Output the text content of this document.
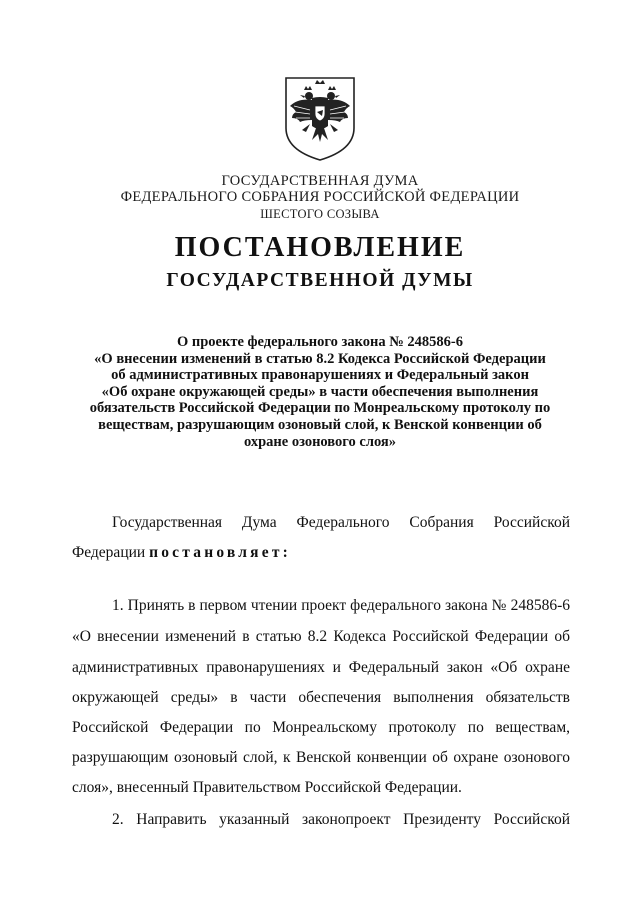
ГОСУДАРСТВЕННАЯ ДУМА
ФЕДЕРАЛЬНОГО СОБРАНИЯ РОССИЙСКОЙ ФЕДЕРАЦИИ
ШЕСТОГО СОЗЫВА
ПОСТАНОВЛЕНИЕ
ГОСУДАРСТВЕННОЙ ДУМЫ
О проекте федерального закона № 248586-6
«О внесении изменений в статью 8.2 Кодекса Российской Федерации
об административных правонарушениях и Федеральный закон
«Об охране окружающей среды» в части обеспечения выполнения
обязательств Российской Федерации по Монреальскому протоколу по
веществам, разрушающим озоновый слой, к Венской конвенции об
охране озонового слоя»
Государственная Дума Федерального Собрания Российской
Федерации постановляет:
1. Принять в первом чтении проект федерального закона № 248586-6
«О внесении изменений в статью 8.2 Кодекса Российской Федерации об
административных правонарушениях и Федеральный закон «Об охране
окружающей среды» в части обеспечения выполнения обязательств
Российской Федерации по Монреальскому протоколу по веществам,
разрушающим озоновый слой, к Венской конвенции об охране озонового
слоя», внесенный Правительством Российской Федерации.
2. Направить указанный законопроект Президенту Российской
